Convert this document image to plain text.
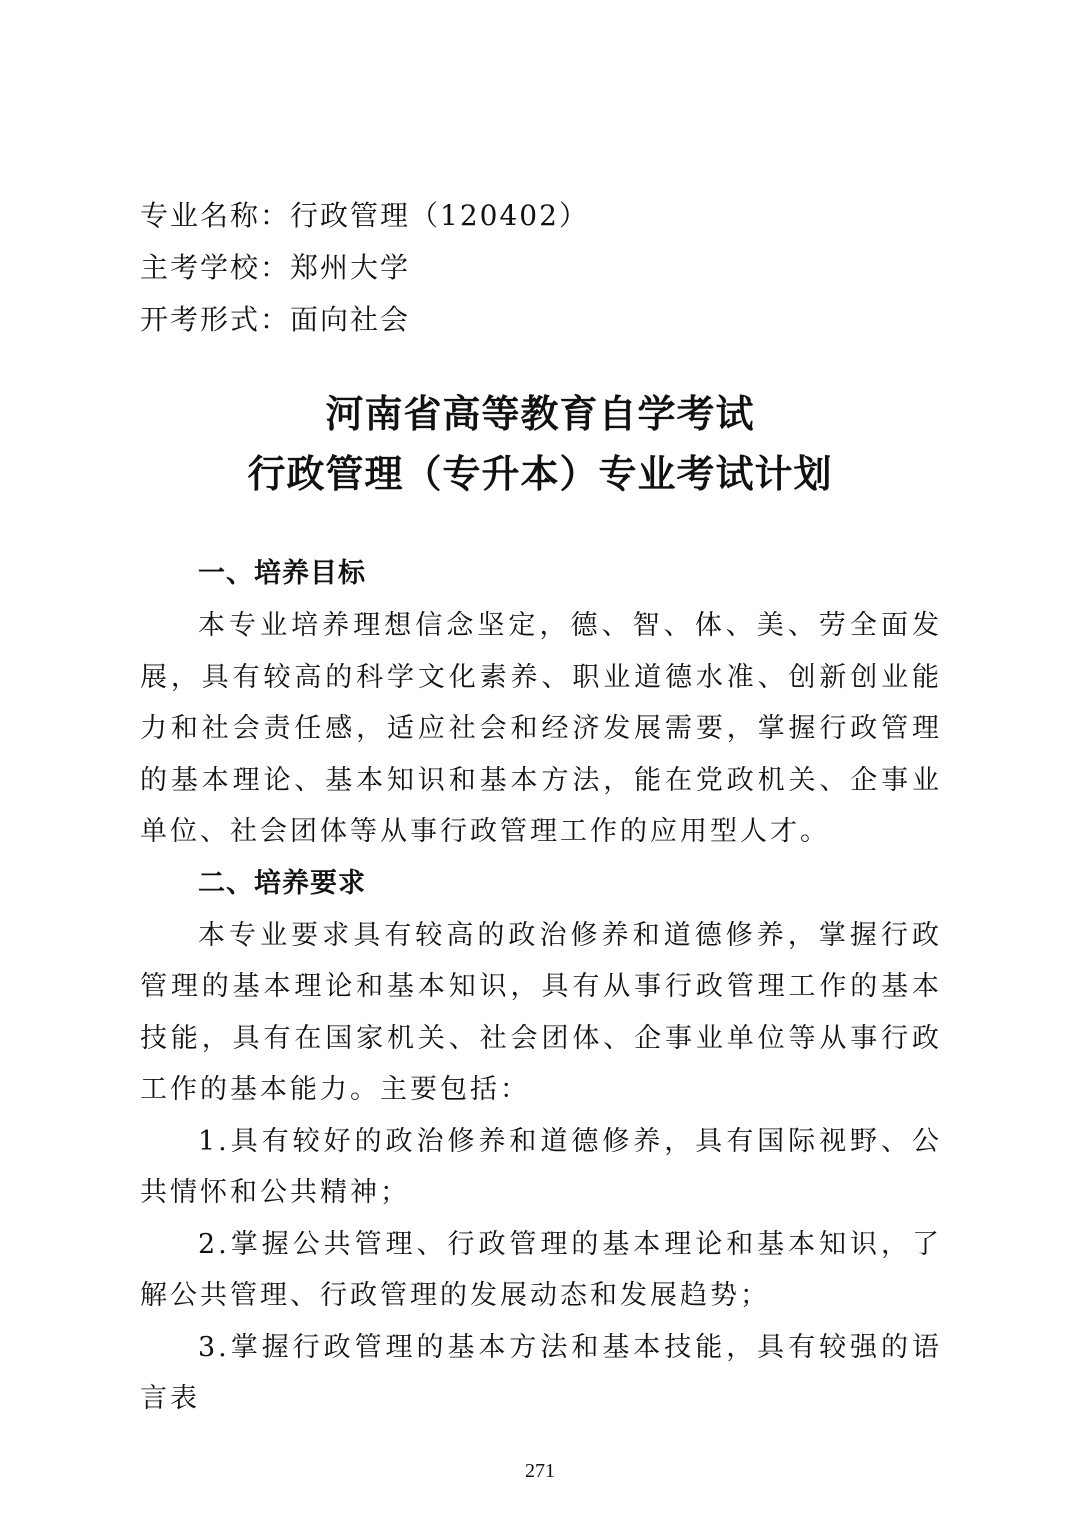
专业名称：行政管理（120402）
主考学校：郑州大学
开考形式：面向社会
河南省高等教育自学考试
行政管理（专升本）专业考试计划
一、培养目标

本专业培养理想信念坚定，德、智、体、美、劳全面发展，具有较高的科学文化素养、职业道德水准、创新创业能力和社会责任感，适应社会和经济发展需要，掌握行政管理的基本理论、基本知识和基本方法，能在党政机关、企事业单位、社会团体等从事行政管理工作的应用型人才。

二、培养要求

本专业要求具有较高的政治修养和道德修养，掌握行政管理的基本理论和基本知识，具有从事行政管理工作的基本技能，具有在国家机关、社会团体、企事业单位等从事行政工作的基本能力。主要包括：

1.具有较好的政治修养和道德修养，具有国际视野、公共情怀和公共精神；

2.掌握公共管理、行政管理的基本理论和基本知识，了解公共管理、行政管理的发展动态和发展趋势；

3.掌握行政管理的基本方法和基本技能，具有较强的语言表

271
